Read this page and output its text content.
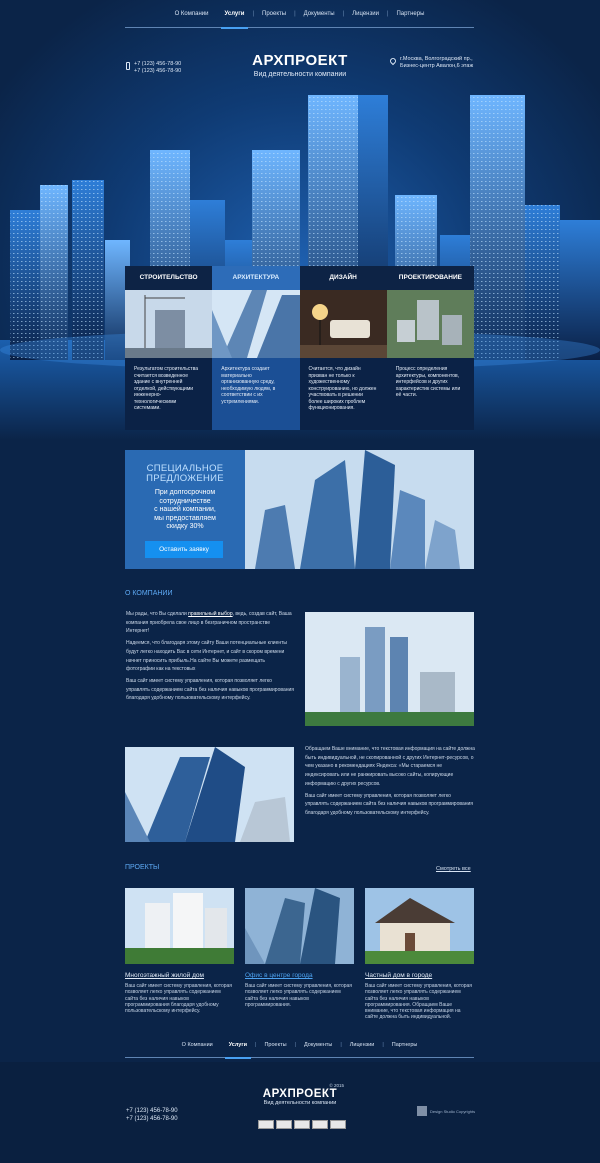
О Компании	Услуги	|	Проекты	|	Документы	|	Лицензии	|	Партнеры
+7 (123) 456-78-90
+7 (123) 456-78-90
АРХПРОЕКТ
Вид деятельности компании
г.Москва, Волгоградский пр.,
Бизнес-центр Авалон,6 этаж
СТРОИТЕЛЬСТВО
Результатом строительства считается возведенное здание с внутренней отделкой, действующими инженерно-технологическими системами.
АРХИТЕКТУРА
Архитектура создает материально организованную среду, необходимую людям, в соответствии с их устремлениями.
ДИЗАЙН
Считается, что дизайн призван не только к художественному конструированию, но должен участвовать в решении более широких проблем функционирования.
ПРОЕКТИРОВАНИЕ
Процесс определения архитектуры, компонентов, интерфейсов и других характеристик системы или её части.
СПЕЦИАЛЬНОЕ
ПРЕДЛОЖЕНИЕ
При долгосрочном
сотрудничестве
с нашей компании,
мы предоставляем
скидку 30%
Оставить заявку
О КОМПАНИИ

Мы рады, что Вы сделали правильный выбор, ведь, создав сайт, Ваша компания приобрела свое лицо в безграничном пространстве Интернет!

Надеемся, что благодаря этому сайту Ваши потенциальные клиенты будут легко находить Вас в сети Интернет, и сайт в скором времени начнет приносить прибыль.На сайте Вы можете размещать фотографии как на текстовых

Ваш сайт имеет систему управления, которая позволяет легко управлять содержанием сайта без наличия навыков программирования благодаря удобному пользовательскому интерфейсу.

Обращаем Ваше внимание, что текстовая информация на сайте должна быть индивидуальной, не скопированной с других Интернет-ресурсов, о чем указано в рекомендациях Яндекса: «Мы стараемся не индексировать или не ранжировать высоко сайты, копирующие информацию с других ресурсов.

Ваш сайт имеет систему управления, которая позволяет легко управлять содержанием сайта без наличия навыков программирования благодаря удобному пользовательскому интерфейсу.

ПРОЕКТЫ	Смотреть все
Многоэтажный жилой дом
Ваш сайт имеет систему управления, которая позволяет легко управлять содержанием сайта без наличия навыков программирования благодаря удобному пользовательскому интерфейсу.
Офис в центре города
Ваш сайт имеет систему управления, которая позволяет легко управлять содержанием сайта без наличия навыков программирования.
Частный дом в городе
Ваш сайт имеет систему управления, которая позволяет легко управлять содержанием сайта без наличия навыков программирования. Обращаем Ваше внимание, что текстовая информация на сайте должна быть индивидуальной.
О Компании	Услуги	|	Проекты	|	Документы	|	Лицензии	|	Партнеры
+7 (123) 456-78-90
+7 (123) 456-78-90
© 2015
АРХПРОЕКТ
Вид деятельности компании
Design Studio Copyrights
